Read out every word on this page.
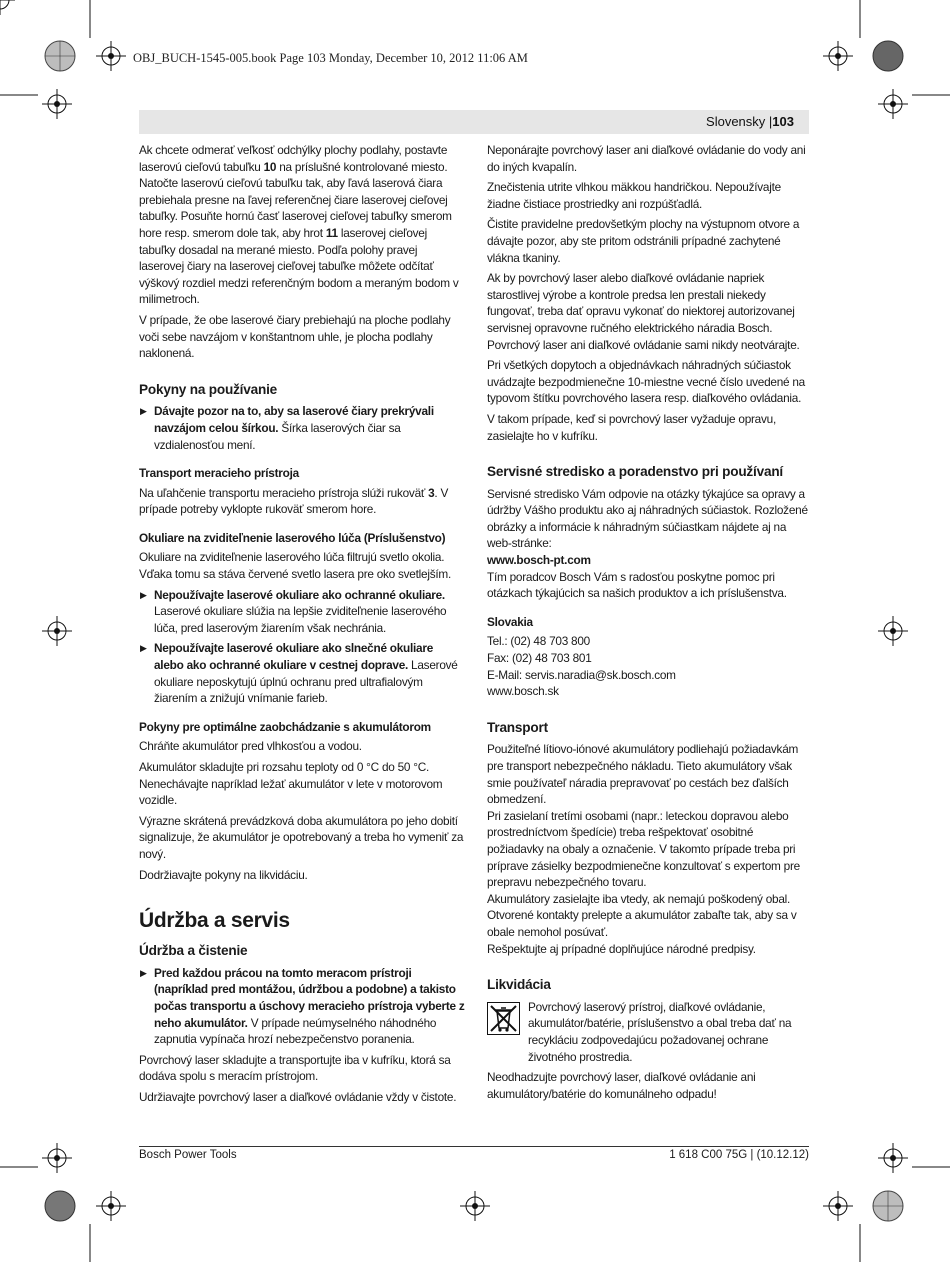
OBJ_BUCH-1545-005.book Page 103 Monday, December 10, 2012 11:06 AM
Slovensky |103

Ak chcete odmerať veľkosť odchýlky plochy podlahy, postavte laserovú cieľovú tabuľku 10 na príslušné kontrolované miesto. Natočte laserovú cieľovú tabuľku tak, aby ľavá laserová čiara prebiehala presne na ľavej referenčnej čiare laserovej cieľovej tabuľky. Posuňte hornú časť laserovej cieľovej tabuľky smerom hore resp. smerom dole tak, aby hrot 11 laserovej cieľovej tabuľky dosadal na merané miesto. Podľa polohy pravej laserovej čiary na laserovej cieľovej tabuľke môžete odčítať výškový rozdiel medzi referenčným bodom a meraným bodom v milimetroch.

V prípade, že obe laserové čiary prebiehajú na ploche podlahy voči sebe navzájom v konštantnom uhle, je plocha podlahy naklonená.

Pokyny na používanie
▶ Dávajte pozor na to, aby sa laserové čiary prekrývali navzájom celou šírkou. Šírka laserových čiar sa vzdialenosťou mení.
Transport meracieho prístroja

Na uľahčenie transportu meracieho prístroja slúži rukoväť 3. V prípade potreby vyklopte rukoväť smerom hore.

Okuliare na zviditeľnenie laserového lúča (Príslušenstvo)

Okuliare na zviditeľnenie laserového lúča filtrujú svetlo okolia. Vďaka tomu sa stáva červené svetlo lasera pre oko svetlejším.

▶ Nepoužívajte laserové okuliare ako ochranné okuliare. Laserové okuliare slúžia na lepšie zviditeľnenie laserového lúča, pred laserovým žiarením však nechránia.
▶ Nepoužívajte laserové okuliare ako slnečné okuliare alebo ako ochranné okuliare v cestnej doprave. Laserové okuliare neposkytujú úplnú ochranu pred ultrafialovým žiarením a znižujú vnímanie farieb.
Pokyny pre optimálne zaobchádzanie s akumulátorom

Chráňte akumulátor pred vlhkosťou a vodou.

Akumulátor skladujte pri rozsahu teploty od 0 °C do 50 °C. Nenechávajte napríklad ležať akumulátor v lete v motorovom vozidle.

Výrazne skrátená prevádzková doba akumulátora po jeho dobití signalizuje, že akumulátor je opotrebovaný a treba ho vymeniť za nový.

Dodržiavajte pokyny na likvidáciu.

Údržba a servis
Údržba a čistenie
▶ Pred každou prácou na tomto meracom prístroji (napríklad pred montážou, údržbou a podobne) a takisto počas transportu a úschovy meracieho prístroja vyberte z neho akumulátor. V prípade neúmyselného náhodného zapnutia vypínača hrozí nebezpečenstvo poranenia.

Povrchový laser skladujte a transportujte iba v kufríku, ktorá sa dodáva spolu s meracím prístrojom.

Udržiavajte povrchový laser a diaľkové ovládanie vždy v čistote.

Neponárajte povrchový laser ani diaľkové ovládanie do vody ani do iných kvapalín.

Znečistenia utrite vlhkou mäkkou handričkou. Nepoužívajte žiadne čistiace prostriedky ani rozpúšťadlá.

Čistite pravidelne predovšetkým plochy na výstupnom otvore a dávajte pozor, aby ste pritom odstránili prípadné zachytené vlákna tkaniny.

Ak by povrchový laser alebo diaľkové ovládanie napriek starostlivej výrobe a kontrole predsa len prestali niekedy fungovať, treba dať opravu vykonať do niektorej autorizovanej servisnej opravovne ručného elektrického náradia Bosch. Povrchový laser ani diaľkové ovládanie sami nikdy neotvárajte.

Pri všetkých dopytoch a objednávkach náhradných súčiastok uvádzajte bezpodmienečne 10-miestne vecné číslo uvedené na typovom štítku povrchového lasera resp. diaľkového ovládania.

V takom prípade, keď si povrchový laser vyžaduje opravu, zasielajte ho v kufríku.

Servisné stredisko a poradenstvo pri používaní

Servisné stredisko Vám odpovie na otázky týkajúce sa opravy a údržby Vášho produktu ako aj náhradných súčiastok. Rozložené obrázky a informácie k náhradným súčiastkam nájdete aj na web-stránke:

www.bosch-pt.com

Tím poradcov Bosch Vám s radosťou poskytne pomoc pri otázkach týkajúcich sa našich produktov a ich príslušenstva.

Slovakia
Tel.: (02) 48 703 800
Fax: (02) 48 703 801
E-Mail: servis.naradia@sk.bosch.com
www.bosch.sk
Transport

Použiteľné lítiovo-iónové akumulátory podliehajú požiadavkám pre transport nebezpečného nákladu. Tieto akumulátory však smie používateľ náradia prepravovať po cestách bez ďalších obmedzení.

Pri zasielaní tretími osobami (napr.: leteckou dopravou alebo prostredníctvom špedície) treba rešpektovať osobitné požiadavky na obaly a označenie. V takomto prípade treba pri príprave zásielky bezpodmienečne konzultovať s expertom pre prepravu nebezpečného tovaru.

Akumulátory zasielajte iba vtedy, ak nemajú poškodený obal. Otvorené kontakty prelepte a akumulátor zabaľte tak, aby sa v obale nemohol posúvať.

Rešpektujte aj prípadné doplňujúce národné predpisy.

Likvidácia

Povrchový laserový prístroj, diaľkové ovládanie, akumulátor/batérie, príslušenstvo a obal treba dať na recykláciu zodpovedajúcu požadovanej ochrane životného prostredia.

Neodhadzujte povrchový laser, diaľkové ovládanie ani akumulátory/batérie do komunálneho odpadu!

Bosch Power Tools	1 618 C00 75G | (10.12.12)
